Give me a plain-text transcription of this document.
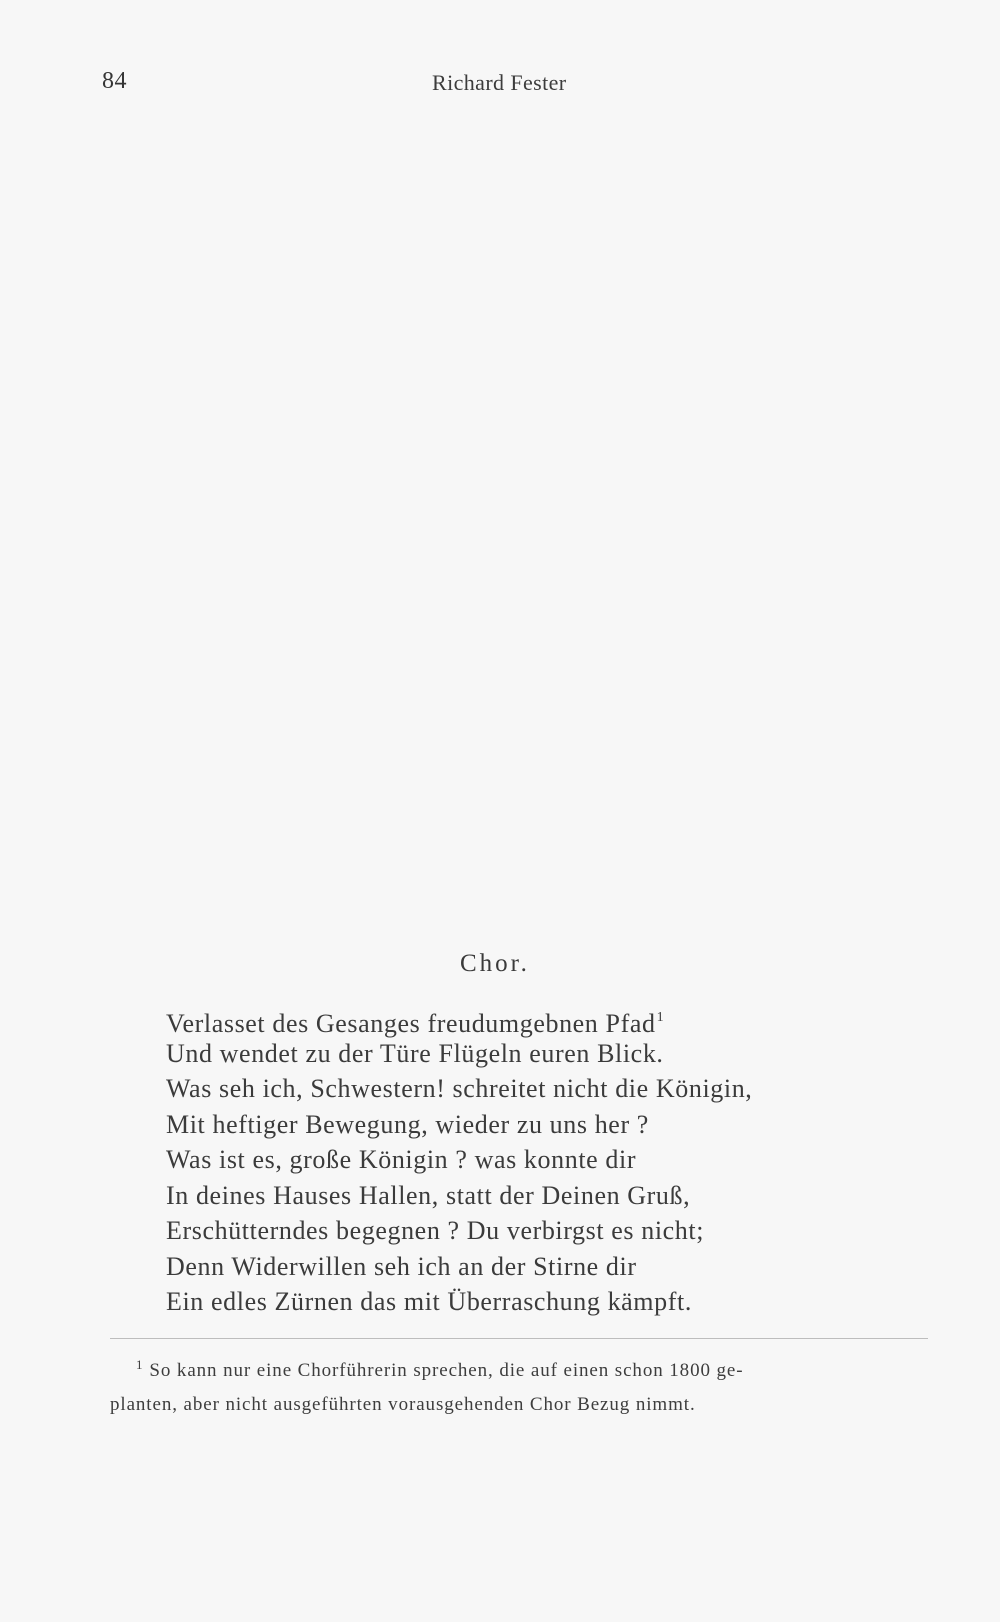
84	Richard Fester
Chor.
Verlasset des Gesanges freudumgebnen Pfad$^1$
Und wendet zu der Türe Flügeln euren Blick.
Was seh ich, Schwestern! schreitet nicht die Königin,
Mit heftiger Bewegung, wieder zu uns her ?
Was ist es, große Königin ? was konnte dir
In deines Hauses Hallen, statt der Deinen Gruß,
Erschütterndes begegnen ? Du verbirgst es nicht;
Denn Widerwillen seh ich an der Stirne dir
Ein edles Zürnen das mit Überraschung kämpft.
$^1$ So kann nur eine Chorführerin sprechen, die auf einen schon 1800 ge-
planten, aber nicht ausgeführten vorausgehenden Chor Bezug nimmt.
